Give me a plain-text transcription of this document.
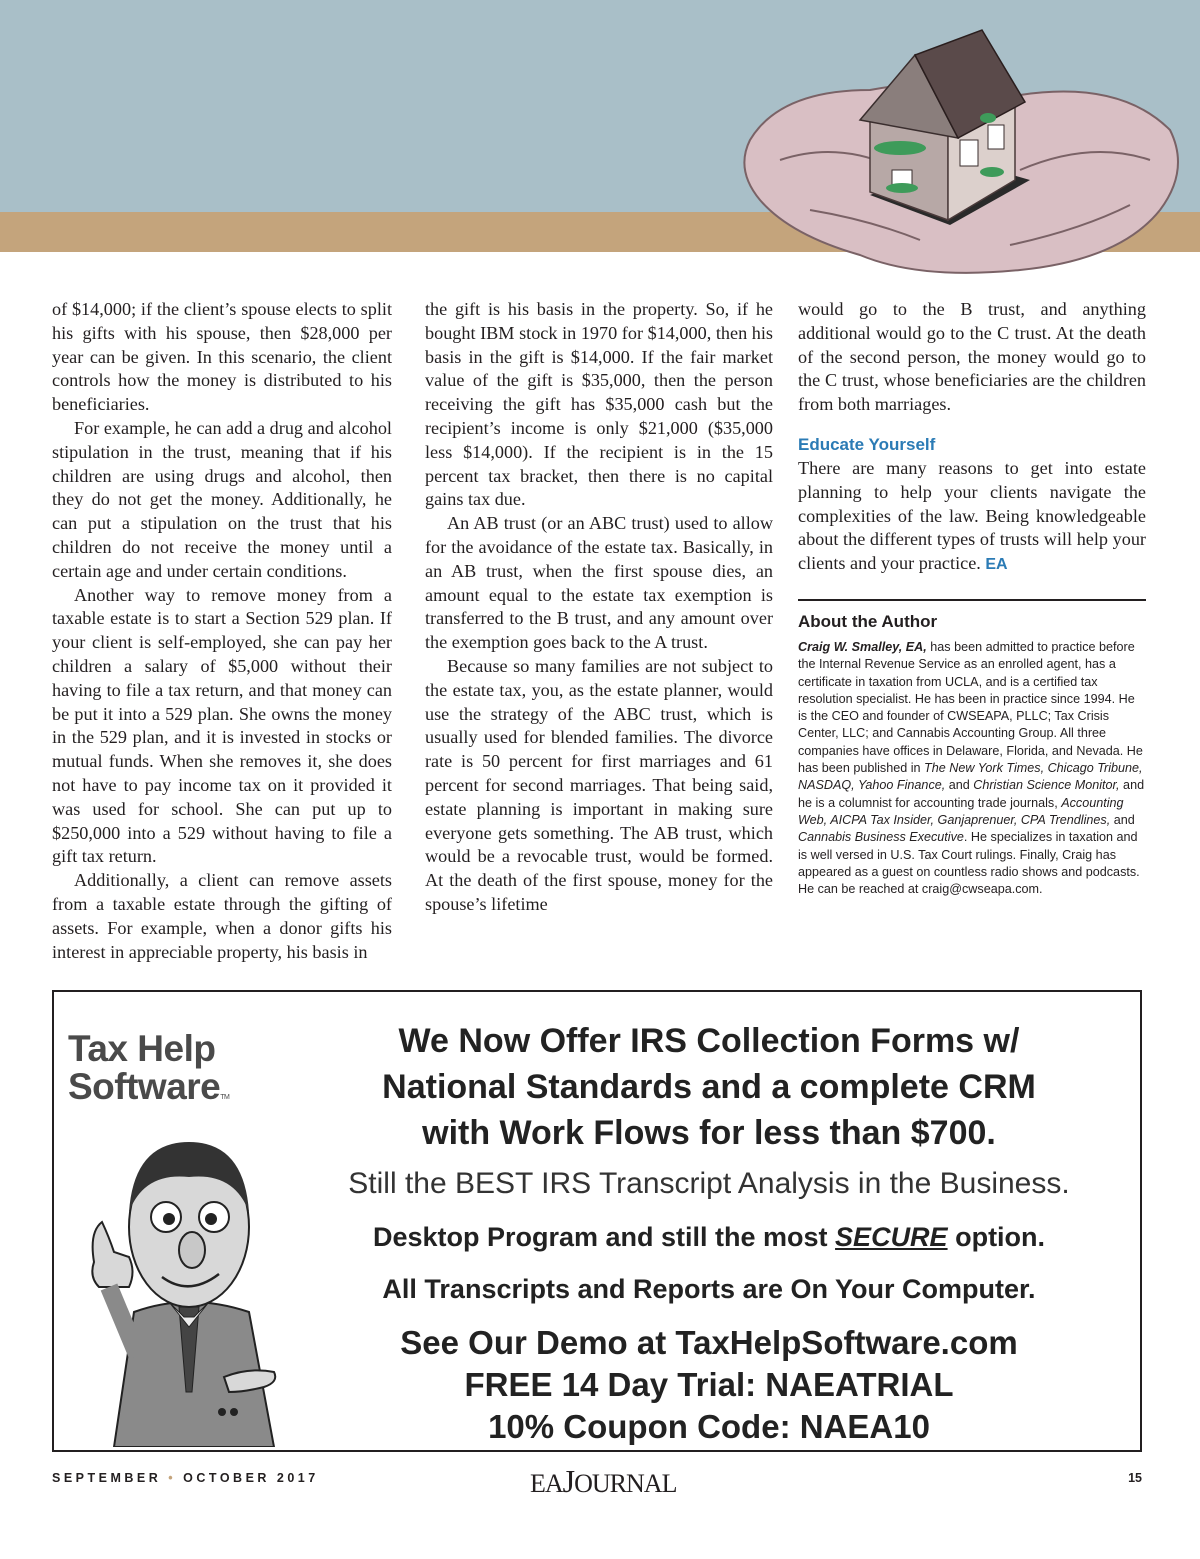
of $14,000; if the client’s spouse elects to split his gifts with his spouse, then $28,000 per year can be given. In this scenario, the client controls how the money is distributed to his beneficiaries.

For example, he can add a drug and alcohol stipulation in the trust, meaning that if his children are using drugs and alcohol, then they do not get the money. Additionally, he can put a stipulation on the trust that his children do not receive the money until a certain age and under certain conditions.

Another way to remove money from a taxable estate is to start a Section 529 plan. If your client is self-employed, she can pay her children a salary of $5,000 without their having to file a tax return, and that money can be put it into a 529 plan. She owns the money in the 529 plan, and it is invested in stocks or mutual funds. When she removes it, she does not have to pay income tax on it provided it was used for school. She can put up to $250,000 into a 529 without having to file a gift tax return.

Additionally, a client can remove assets from a taxable estate through the gifting of assets. For example, when a donor gifts his interest in appreciable property, his basis in

the gift is his basis in the property. So, if he bought IBM stock in 1970 for $14,000, then his basis in the gift is $14,000. If the fair market value of the gift is $35,000, then the person receiving the gift has $35,000 cash but the recipient’s income is only $21,000 ($35,000 less $14,000). If the recipient is in the 15 percent tax bracket, then there is no capital gains tax due.

An AB trust (or an ABC trust) used to allow for the avoidance of the estate tax. Basically, in an AB trust, when the first spouse dies, an amount equal to the estate tax exemption is transferred to the B trust, and any amount over the exemption goes back to the A trust.

Because so many families are not subject to the estate tax, you, as the estate planner, would use the strategy of the ABC trust, which is usually used for blended families. The divorce rate is 50 percent for first marriages and 61 percent for second marriages. That being said, estate planning is important in making sure everyone gets something. The AB trust, which would be a revocable trust, would be formed. At the death of the first spouse, money for the spouse’s lifetime

would go to the B trust, and anything additional would go to the C trust. At the death of the second person, the money would go to the C trust, whose beneficiaries are the children from both marriages.

Educate Yourself

There are many reasons to get into estate planning to help your clients navigate the complexities of the law. Being knowledgeable about the different types of trusts will help your clients and your practice. EA

About the Author
Craig W. Smalley, EA, has been admitted to practice before the Internal Revenue Service as an enrolled agent, has a certificate in taxation from UCLA, and is a certified tax resolution specialist. He has been in practice since 1994. He is the CEO and founder of CWSEAPA, PLLC; Tax Crisis Center, LLC; and Cannabis Accounting Group. All three companies have offices in Delaware, Florida, and Nevada. He has been published in The New York Times, Chicago Tribune, NASDAQ, Yahoo Finance, and Christian Science Monitor, and he is a columnist for accounting trade journals, Accounting Web, AICPA Tax Insider, Ganjaprenuer, CPA Trendlines, and Cannabis Business Executive. He specializes in taxation and is well versed in U.S. Tax Court rulings. Finally, Craig has appeared as a guest on countless radio shows and podcasts. He can be reached at craig@cwseapa.com.
Tax Help
SoftwareTM
We Now Offer IRS Collection Forms w/
National Standards and a complete CRM
with Work Flows for less than $700.
Still the BEST IRS Transcript Analysis in the Business.
Desktop Program and still the most SECURE option.
All Transcripts and Reports are On Your Computer.
See Our Demo at TaxHelpSoftware.com
FREE 14 Day Trial: NAEATRIAL
10% Coupon Code: NAEA10
SEPTEMBER • OCTOBER 2017	EAJOURNAL	15
